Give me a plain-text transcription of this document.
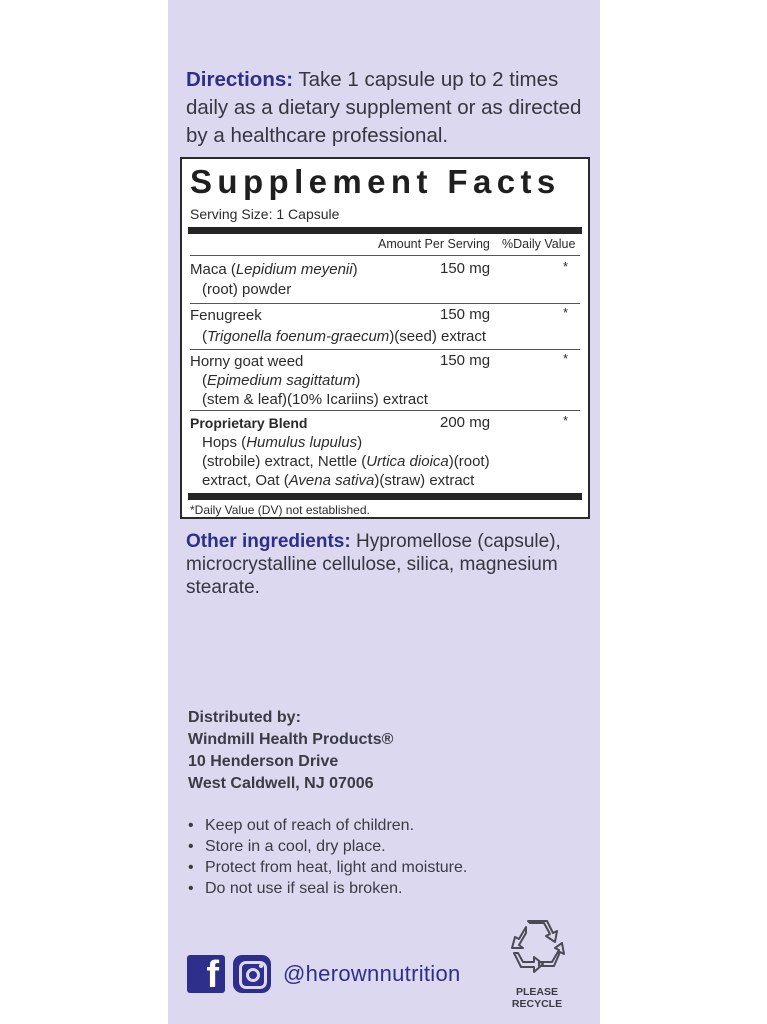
Directions: Take 1 capsule up to 2 times daily as a dietary supplement or as directed by a healthcare professional.
Supplement Facts
Serving Size: 1 Capsule
Amount Per Serving %Daily Value
Maca (Lepidium meyenii)
(root) powder
150 mg	*
Fenugreek
(Trigonella foenum-graecum)(seed) extract
150 mg	*
Horny goat weed
(Epimedium sagittatum)
(stem & leaf)(10% Icariins) extract
150 mg	*
Proprietary Blend
Hops (Humulus lupulus)
(strobile) extract, Nettle (Urtica dioica)(root)
extract, Oat (Avena sativa)(straw) extract
200 mg	*
*Daily Value (DV) not established.
Other ingredients: Hypromellose (capsule), microcrystalline cellulose, silica, magnesium stearate.
Distributed by:
Windmill Health Products®
10 Henderson Drive
West Caldwell, NJ 07006
• Keep out of reach of children.
• Store in a cool, dry place.
• Protect from heat, light and moisture.
• Do not use if seal is broken.
f	@herownnutrition
PLEASE
RECYCLE
